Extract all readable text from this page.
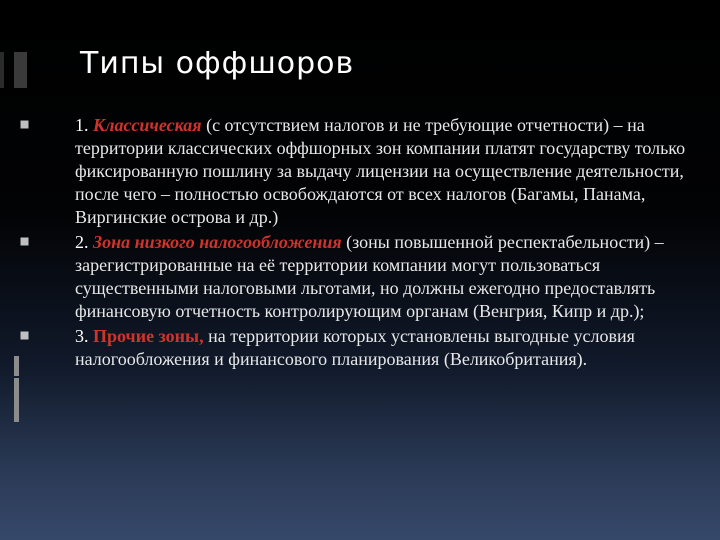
Типы оффшоров
1. Классическая (с отсутствием налогов и не требующие отчетности) – на территории классических оффшорных зон компании платят государству только фиксированную пошлину за выдачу лицензии на осуществление деятельности, после чего – полностью освобождаются от всех налогов (Багамы, Панама, Виргинские острова и др.)
2. Зона низкого налогообложения (зоны повышенной респектабельности) – зарегистрированные на её территории компании могут пользоваться существенными налоговыми льготами, но должны ежегодно предоставлять финансовую отчетность контролирующим органам (Венгрия, Кипр и др.);
3. Прочие зоны, на территории которых установлены выгодные условия налогообложения и финансового планирования (Великобритания).
